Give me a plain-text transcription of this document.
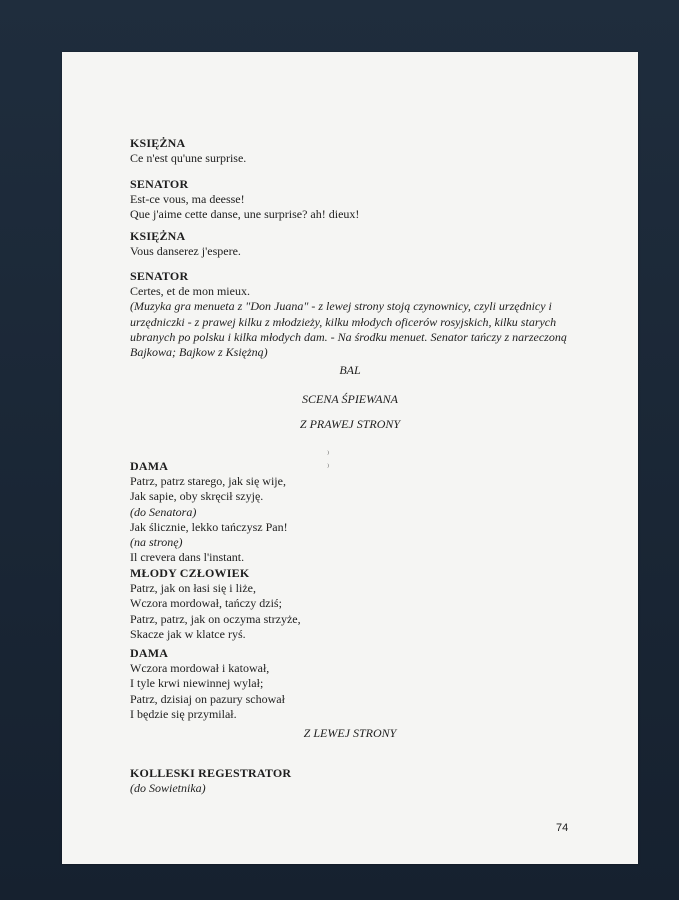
KSIĘŻNA
Ce n'est qu'une surprise.
SENATOR
Est-ce vous, ma deesse!
Que j'aime cette danse, une surprise? ah! dieux!
KSIĘŻNA
Vous danserez j'espere.
SENATOR
Certes, et de mon mieux.
(Muzyka gra menueta z "Don Juana" - z lewej strony stoją czynownicy, czyli urzędnicy i
urzędniczki - z prawej kilku z młodzieży, kilku młodych oficerów rosyjskich, kilku starych
ubranych po polsku i kilka młodych dam. - Na środku menuet. Senator tańczy z narzeczoną
Bajkowa; Bajkow z Księżną)
BAL
SCENA ŚPIEWANA
Z PRAWEJ STRONY
DAMA
Patrz, patrz starego, jak się wije,
Jak sapie, oby skręcił szyję.
(do Senatora)
Jak ślicznie, lekko tańczysz Pan!
(na stronę)
Il crevera dans l'instant.
MŁODY CZŁOWIEK
Patrz, jak on łasi się i liże,
Wczora mordował, tańczy dziś;
Patrz, patrz, jak on oczyma strzyże,
Skacze jak w klatce ryś.
DAMA
Wczora mordował i katował,
I tyle krwi niewinnej wylał;
Patrz, dzisiaj on pazury schował
I będzie się przymilał.
Z LEWEJ STRONY
KOLLESKI REGESTRATOR
(do Sowietnika)
⁾
⁾
74
